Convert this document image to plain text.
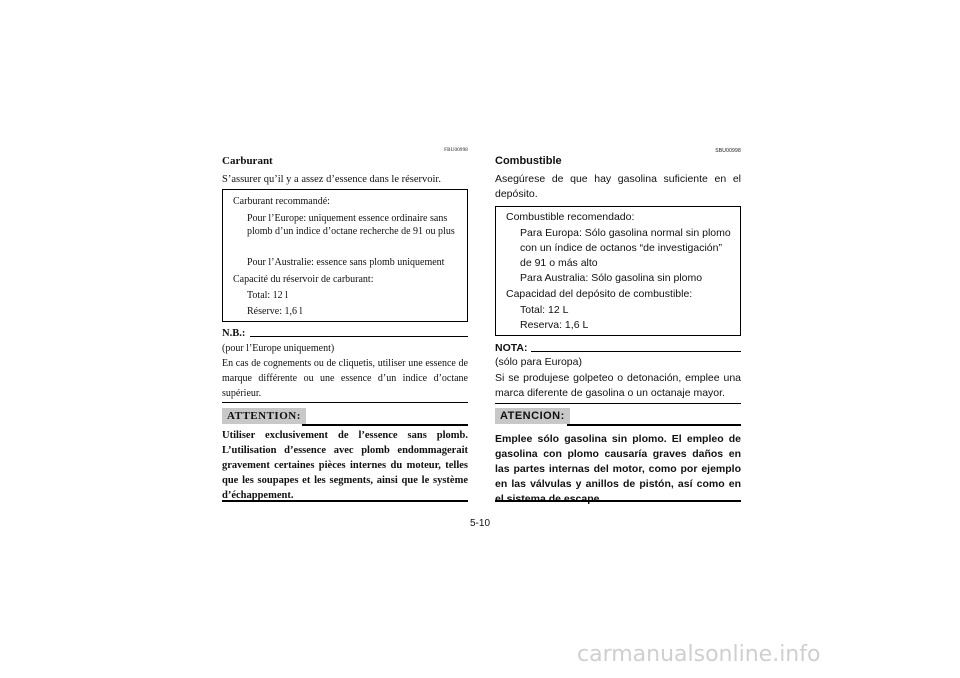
FBU00998
Carburant
S’assurer qu’il y a assez d’essence dans le réservoir.
Carburant recommandé:
Pour l’Europe: uniquement essence ordinaire sans plomb d’un indice d’octane recherche de 91 ou plus
Pour l’Australie: essence sans plomb uniquement
Capacité du réservoir de carburant:
Total: 12 l
Réserve: 1,6 l
N.B.:
(pour l’Europe uniquement)
En cas de cognements ou de cliquetis, utiliser une essence de marque différente ou une essence d’un indice d’octane supérieur.
ATTENTION:
Utiliser exclusivement de l’essence sans plomb. L’utilisation d’essence avec plomb endommagerait gravement certaines pièces internes du moteur, telles que les soupapes et les segments, ainsi que le système d’échappement.
SBU00998
Combustible
Asegúrese de que hay gasolina suficiente en el depósito.
Combustible recomendado:
Para Europa: Sólo gasolina normal sin plomo con un índice de octanos “de investigación” de 91 o más alto
Para Australia: Sólo gasolina sin plomo
Capacidad del depósito de combustible:
Total: 12 L
Reserva: 1,6 L
NOTA:
(sólo para Europa)
Si se produjese golpeteo o detonación, emplee una marca diferente de gasolina o un octanaje mayor.
ATENCION:
Emplee sólo gasolina sin plomo. El empleo de gasolina con plomo causaría graves daños en las partes internas del motor, como por ejemplo en las válvulas y anillos de pistón, así como en el sistema de escape.
5-10
carmanualsonline.info
